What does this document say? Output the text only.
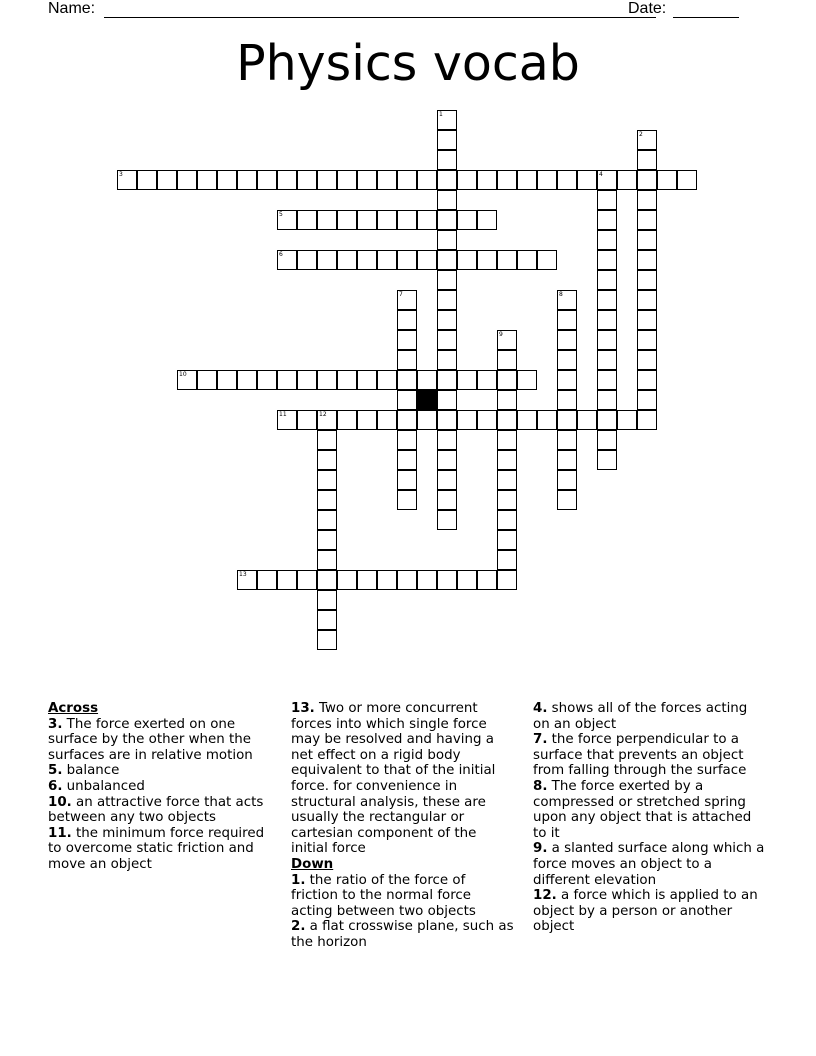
Name:	Date:
Physics vocab
3	4
5
6
10
11	12
13
1
2
7	8
9
Across
3. The force exerted on one surface by the other when the surfaces are in relative motion
5. balance
6. unbalanced
10. an attractive force that acts between any two objects
11. the minimum force required to overcome static friction and move an object
13. Two or more concurrent forces into which single force may be resolved and having a net effect on a rigid body equivalent to that of the initial force. for convenience in structural analysis, these are usually the rectangular or cartesian component of the initial force
Down
1. the ratio of the force of friction to the normal force acting between two objects
2. a flat crosswise plane, such as the horizon
4. shows all of the forces acting on an object
7. the force perpendicular to a surface that prevents an object from falling through the surface
8. The force exerted by a compressed or stretched spring upon any object that is attached to it
9. a slanted surface along which a force moves an object to a different elevation
12. a force which is applied to an object by a person or another object
